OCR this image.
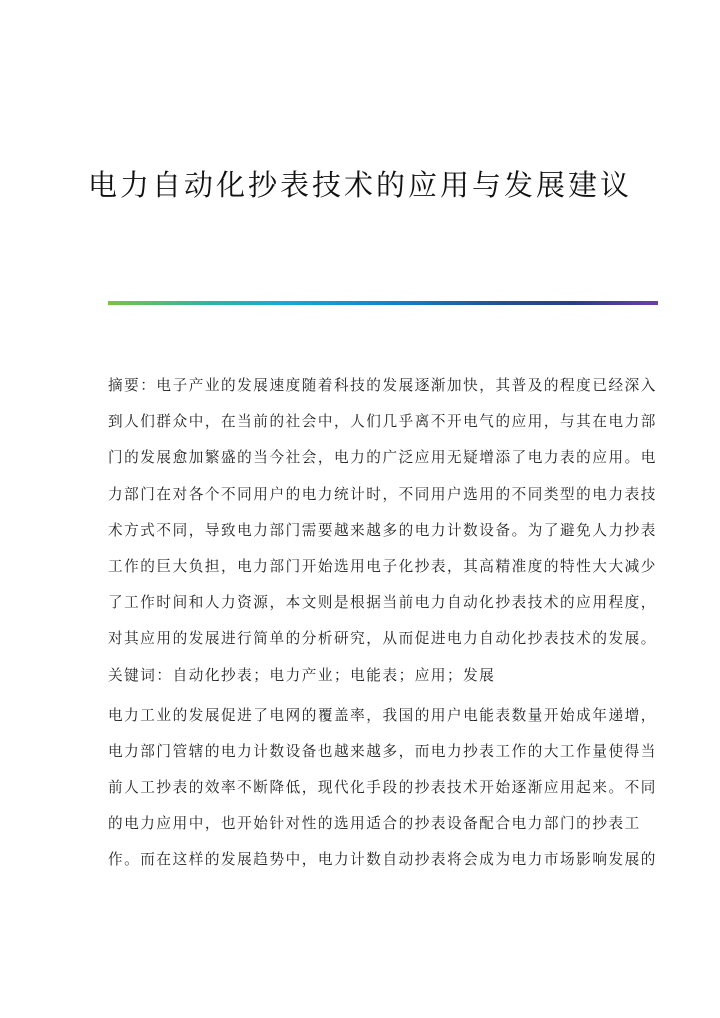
电力自动化抄表技术的应用与发展建议
摘要：电子产业的发展速度随着科技的发展逐渐加快，其普及的程度已经深入
到人们群众中，在当前的社会中，人们几乎离不开电气的应用，与其在电力部
门的发展愈加繁盛的当今社会，电力的广泛应用无疑增添了电力表的应用。电
力部门在对各个不同用户的电力统计时，不同用户选用的不同类型的电力表技
术方式不同，导致电力部门需要越来越多的电力计数设备。为了避免人力抄表
工作的巨大负担，电力部门开始选用电子化抄表，其高精准度的特性大大减少
了工作时间和人力资源，本文则是根据当前电力自动化抄表技术的应用程度，
对其应用的发展进行简单的分析研究，从而促进电力自动化抄表技术的发展。
关键词：自动化抄表；电力产业；电能表；应用；发展
电力工业的发展促进了电网的覆盖率，我国的用户电能表数量开始成年递增，
电力部门管辖的电力计数设备也越来越多，而电力抄表工作的大工作量使得当
前人工抄表的效率不断降低，现代化手段的抄表技术开始逐渐应用起来。不同
的电力应用中，也开始针对性的选用适合的抄表设备配合电力部门的抄表工
作。而在这样的发展趋势中，电力计数自动抄表将会成为电力市场影响发展的
